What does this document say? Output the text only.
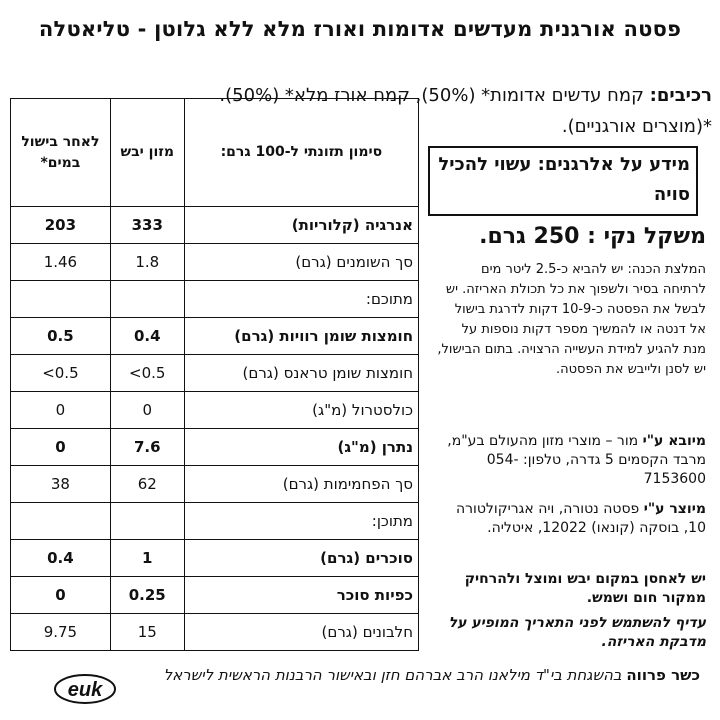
פסטה אורגנית מעדשים אדומות ואורז מלא ללא גלוטן - טליאטלה
רכיבים: קמח עדשים אדומות* (50%), קמח אורז מלא* (50%).
*(מוצרים אורגניים).
מידע על אלרגנים: עשוי להכיל סויה
משקל נקי : 250 גרם.
המלצת הכנה: יש להביא כ-2.5 ליטר מים לרתיחה בסיר ולשפוך את כל תכולת האריזה. יש לבשל את הפסטה כ-10-9 דקות לדרגת בישול אל דנטה או להמשיך מספר דקות נוספות על מנת להגיע למידת העשייה הרצויה. בתום הבישול, יש לסנן ולייבש את הפסטה.
מיובא ע"י מור – מוצרי מזון מהעולם בע"מ, מרבד הקסמים 5 גדרה, טלפון: 054-7153600
מיוצר ע"י פסטה נטורה, ויה אגריקולטורה 10, בוסקה (קונאו) 12022, איטליה.
יש לאחסן במקום יבש ומוצל ולהרחיק ממקור חום ושמש.
עדיף להשתמש לפני התאריך המופיע על מדבקת האריזה.
כשר פרווה בהשגחת בי"ד מילאנו הרב אברהם חזן ובאישור הרבנות הראשית לישראל
euk
סימון תזונתי ל-100 גרם:	מזון יבש	לאחר בישול במים*
אנרגיה (קלוריות)	333	203
סך השומנים (גרם)	1.8	1.46
מתוכם:		
חומצות שומן רוויות (גרם)	0.4	0.5
חומצות שומן טראנס (גרם)	0.5>	0.5>
כולסטרול (מ"ג)	0	0
נתרן (מ"ג)	7.6	0
סך הפחמימות (גרם)	62	38
מתוכן:		
סוכרים (גרם)	1	0.4
כפיות סוכר	0.25	0
חלבונים (גרם)	15	9.75
